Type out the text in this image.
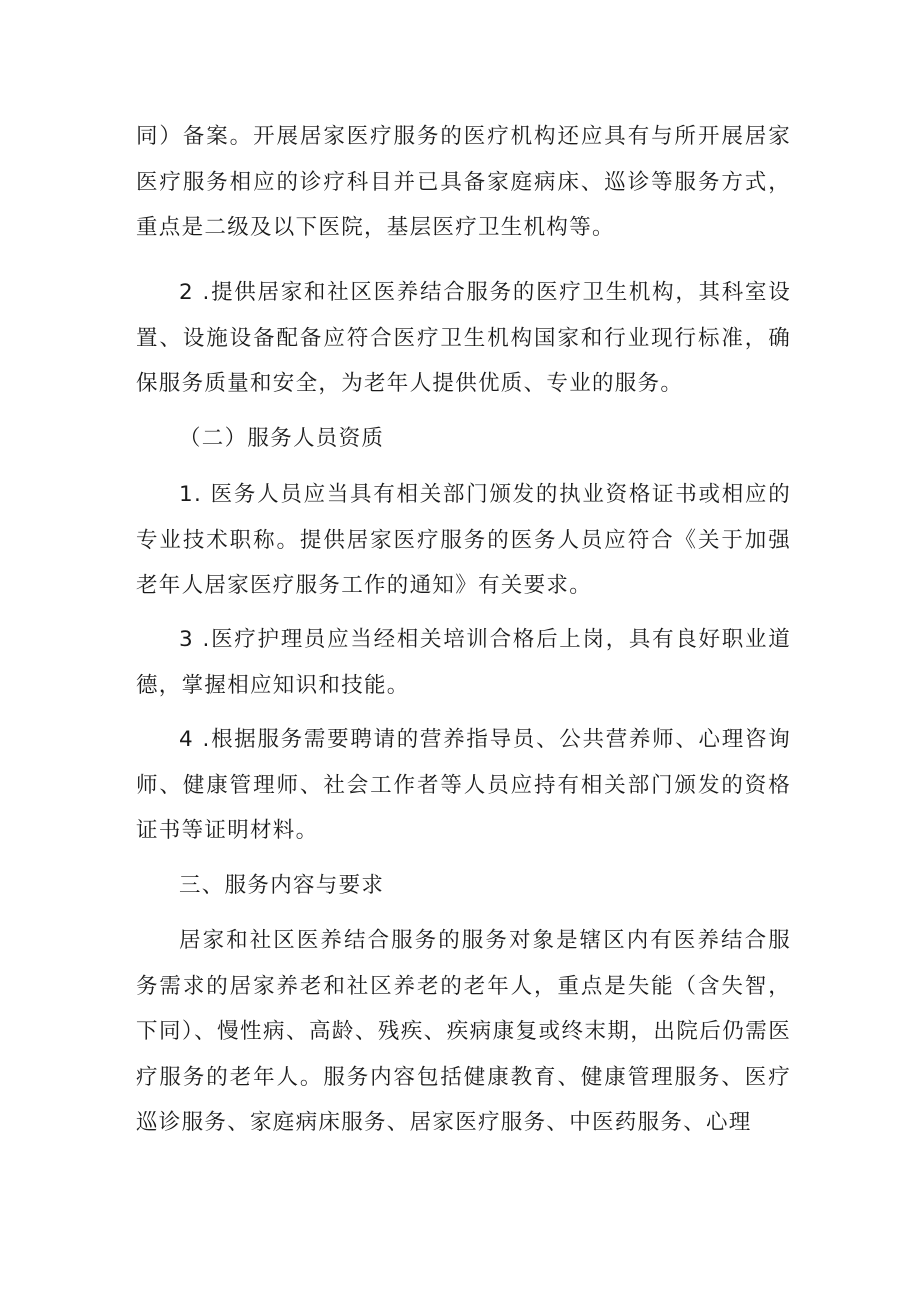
同）备案。开展居家医疗服务的医疗机构还应具有与所开展居家医疗服务相应的诊疗科目并已具备家庭病床、巡诊等服务方式，重点是二级及以下医院，基层医疗卫生机构等。

2 .提供居家和社区医养结合服务的医疗卫生机构，其科室设置、设施设备配备应符合医疗卫生机构国家和行业现行标准，确保服务质量和安全，为老年人提供优质、专业的服务。

（二）服务人员资质

1. 医务人员应当具有相关部门颁发的执业资格证书或相应的专业技术职称。提供居家医疗服务的医务人员应符合《关于加强老年人居家医疗服务工作的通知》有关要求。

3 .医疗护理员应当经相关培训合格后上岗，具有良好职业道德，掌握相应知识和技能。

4 .根据服务需要聘请的营养指导员、公共营养师、心理咨询师、健康管理师、社会工作者等人员应持有相关部门颁发的资格证书等证明材料。

三、服务内容与要求

居家和社区医养结合服务的服务对象是辖区内有医养结合服务需求的居家养老和社区养老的老年人，重点是失能（含失智，下同）、慢性病、高龄、残疾、疾病康复或终末期，出院后仍需医疗服务的老年人。服务内容包括健康教育、健康管理服务、医疗巡诊服务、家庭病床服务、居家医疗服务、中医药服务、心理
